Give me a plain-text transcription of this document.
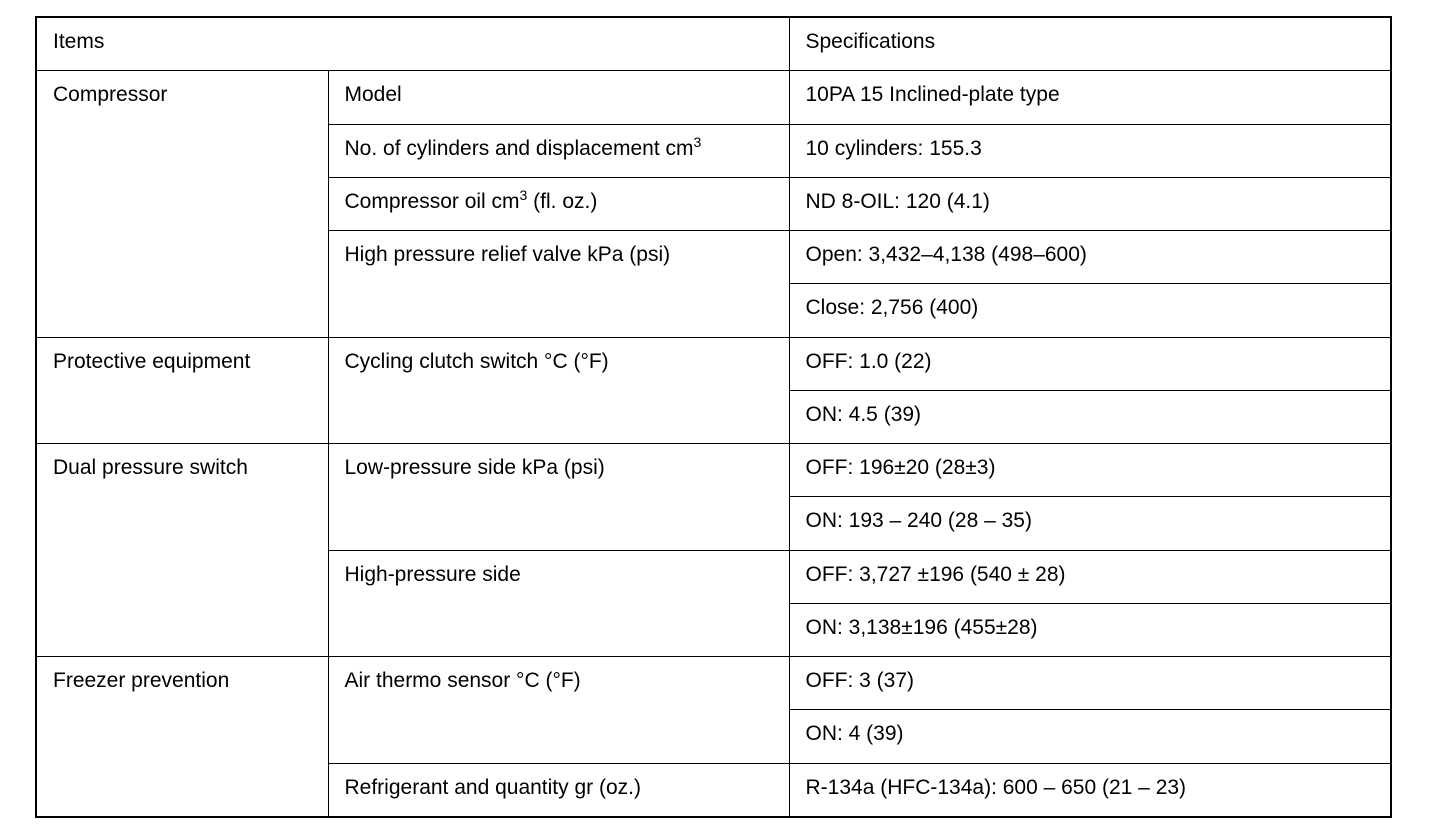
Items		Specifications
Compressor	Model	10PA 15 Inclined-plate type
	No. of cylinders and displacement $cm^3$	10 cylinders: 155.3
	Compressor oil $cm^3$ (fl. oz.)	ND 8-OIL: 120 (4.1)
	High pressure relief valve kPa (psi)	Open: 3,432–4,138 (498–600)
		Close: 2,756 (400)
Protective equipment	Cycling clutch switch °C (°F)	OFF: 1.0 (22)
		ON: 4.5 (39)
Dual pressure switch	Low-pressure side kPa (psi)	OFF: 196±20 (28±3)
		ON: 193 – 240 (28 – 35)
	High-pressure side	OFF: 3,727 ±196 (540 ± 28)
		ON: 3,138±196 (455±28)
Freezer prevention	Air thermo sensor °C (°F)	OFF: 3 (37)
		ON: 4 (39)
	Refrigerant and quantity gr (oz.)	R-134a (HFC-134a): 600 – 650 (21 – 23)
